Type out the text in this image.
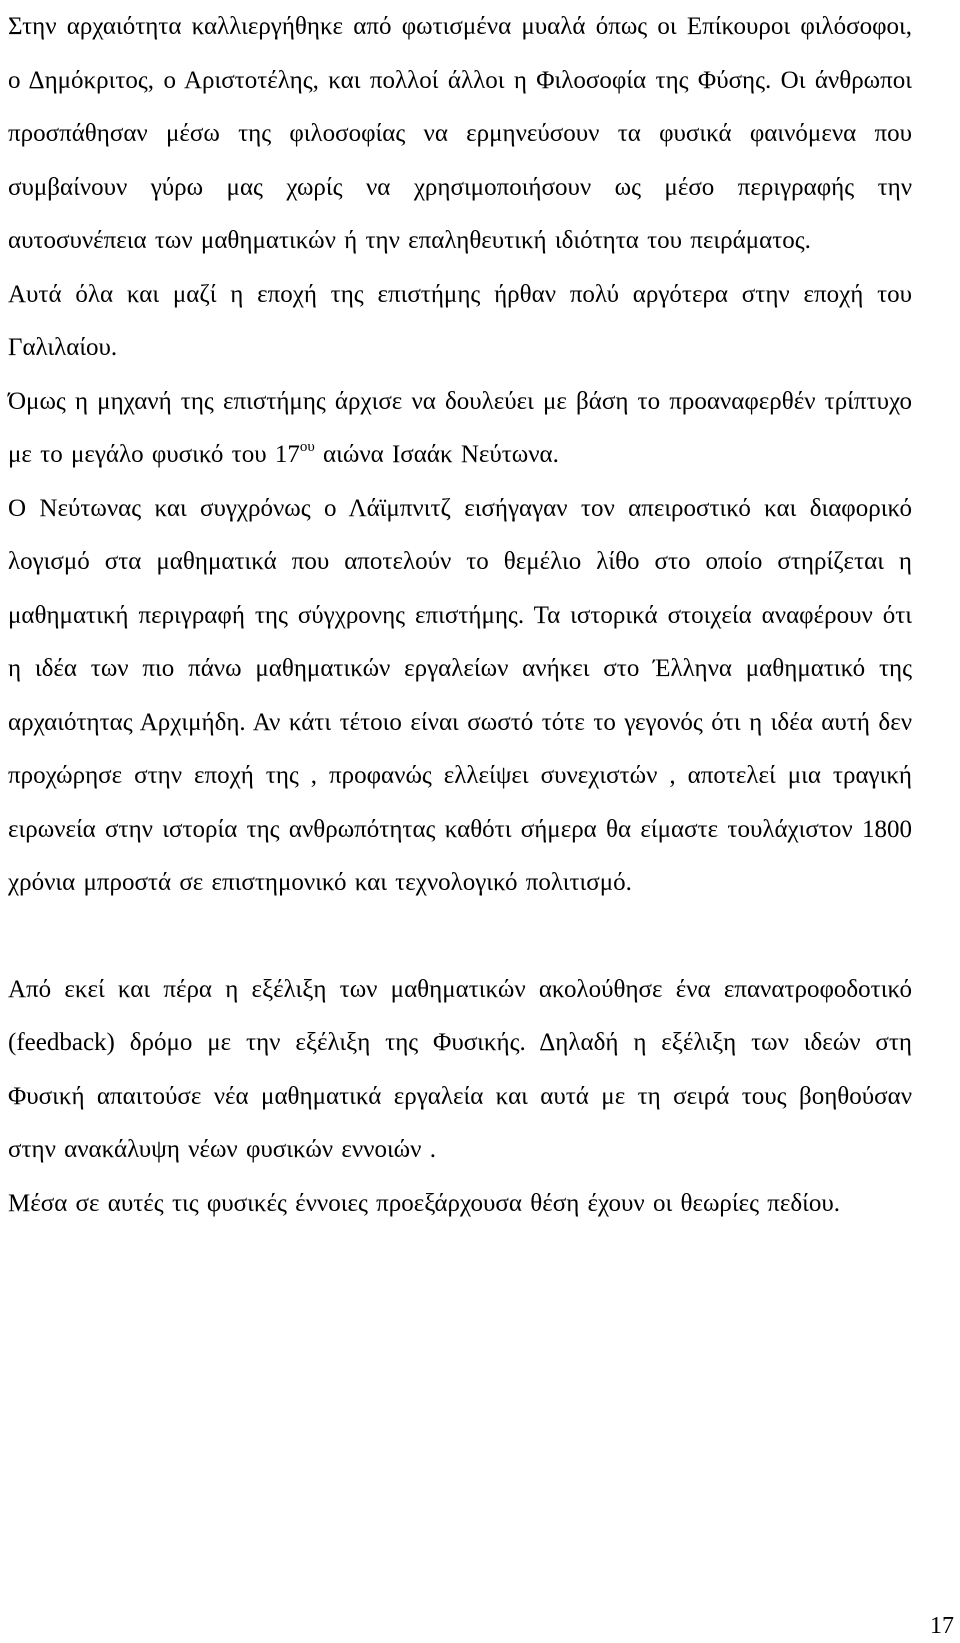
Στην αρχαιότητα καλλιεργήθηκε από φωτισμένα μυαλά όπως οι Επίκουροι φιλόσοφοι, ο Δημόκριτος, ο Αριστοτέλης, και πολλοί άλλοι η Φιλοσοφία της Φύσης. Οι άνθρωποι προσπάθησαν μέσω της φιλοσοφίας να ερμηνεύσουν τα φυσικά φαινόμενα που συμβαίνουν γύρω μας χωρίς να χρησιμοποιήσουν ως μέσο περιγραφής την αυτοσυνέπεια των μαθηματικών ή την επαληθευτική ιδιότητα του πειράματος.

Αυτά όλα και μαζί η εποχή της επιστήμης ήρθαν πολύ αργότερα στην εποχή του Γαλιλαίου.

Όμως η μηχανή της επιστήμης άρχισε να δουλεύει με βάση το προαναφερθέν τρίπτυχο με το μεγάλο φυσικό του $17^{o\upsilon}$ αιώνα Ισαάκ Νεύτωνα.

Ο Νεύτωνας και συγχρόνως ο Λάϊμπνιτζ εισήγαγαν τον απειροστικό και διαφορικό λογισμό στα μαθηματικά που αποτελούν το θεμέλιο λίθο στο οποίο στηρίζεται η μαθηματική περιγραφή της σύγχρονης επιστήμης. Τα ιστορικά στοιχεία αναφέρουν ότι η ιδέα των πιο πάνω μαθηματικών εργαλείων ανήκει στο Έλληνα μαθηματικό της αρχαιότητας Αρχιμήδη. Αν κάτι τέτοιο είναι σωστό τότε το γεγονός ότι η ιδέα αυτή δεν προχώρησε στην εποχή της , προφανώς ελλείψει συνεχιστών , αποτελεί μια τραγική ειρωνεία στην ιστορία της ανθρωπότητας καθότι σήμερα θα είμαστε τουλάχιστον 1800 χρόνια μπροστά σε επιστημονικό και τεχνολογικό πολιτισμό.

Από εκεί και πέρα η εξέλιξη των μαθηματικών ακολούθησε ένα επανατροφοδοτικό (feedback) δρόμο με την εξέλιξη της Φυσικής. Δηλαδή η εξέλιξη των ιδεών στη Φυσική απαιτούσε νέα μαθηματικά εργαλεία και αυτά με τη σειρά τους βοηθούσαν στην ανακάλυψη νέων φυσικών εννοιών .

Μέσα σε αυτές τις φυσικές έννοιες προεξάρχουσα θέση έχουν οι θεωρίες πεδίου.

17
